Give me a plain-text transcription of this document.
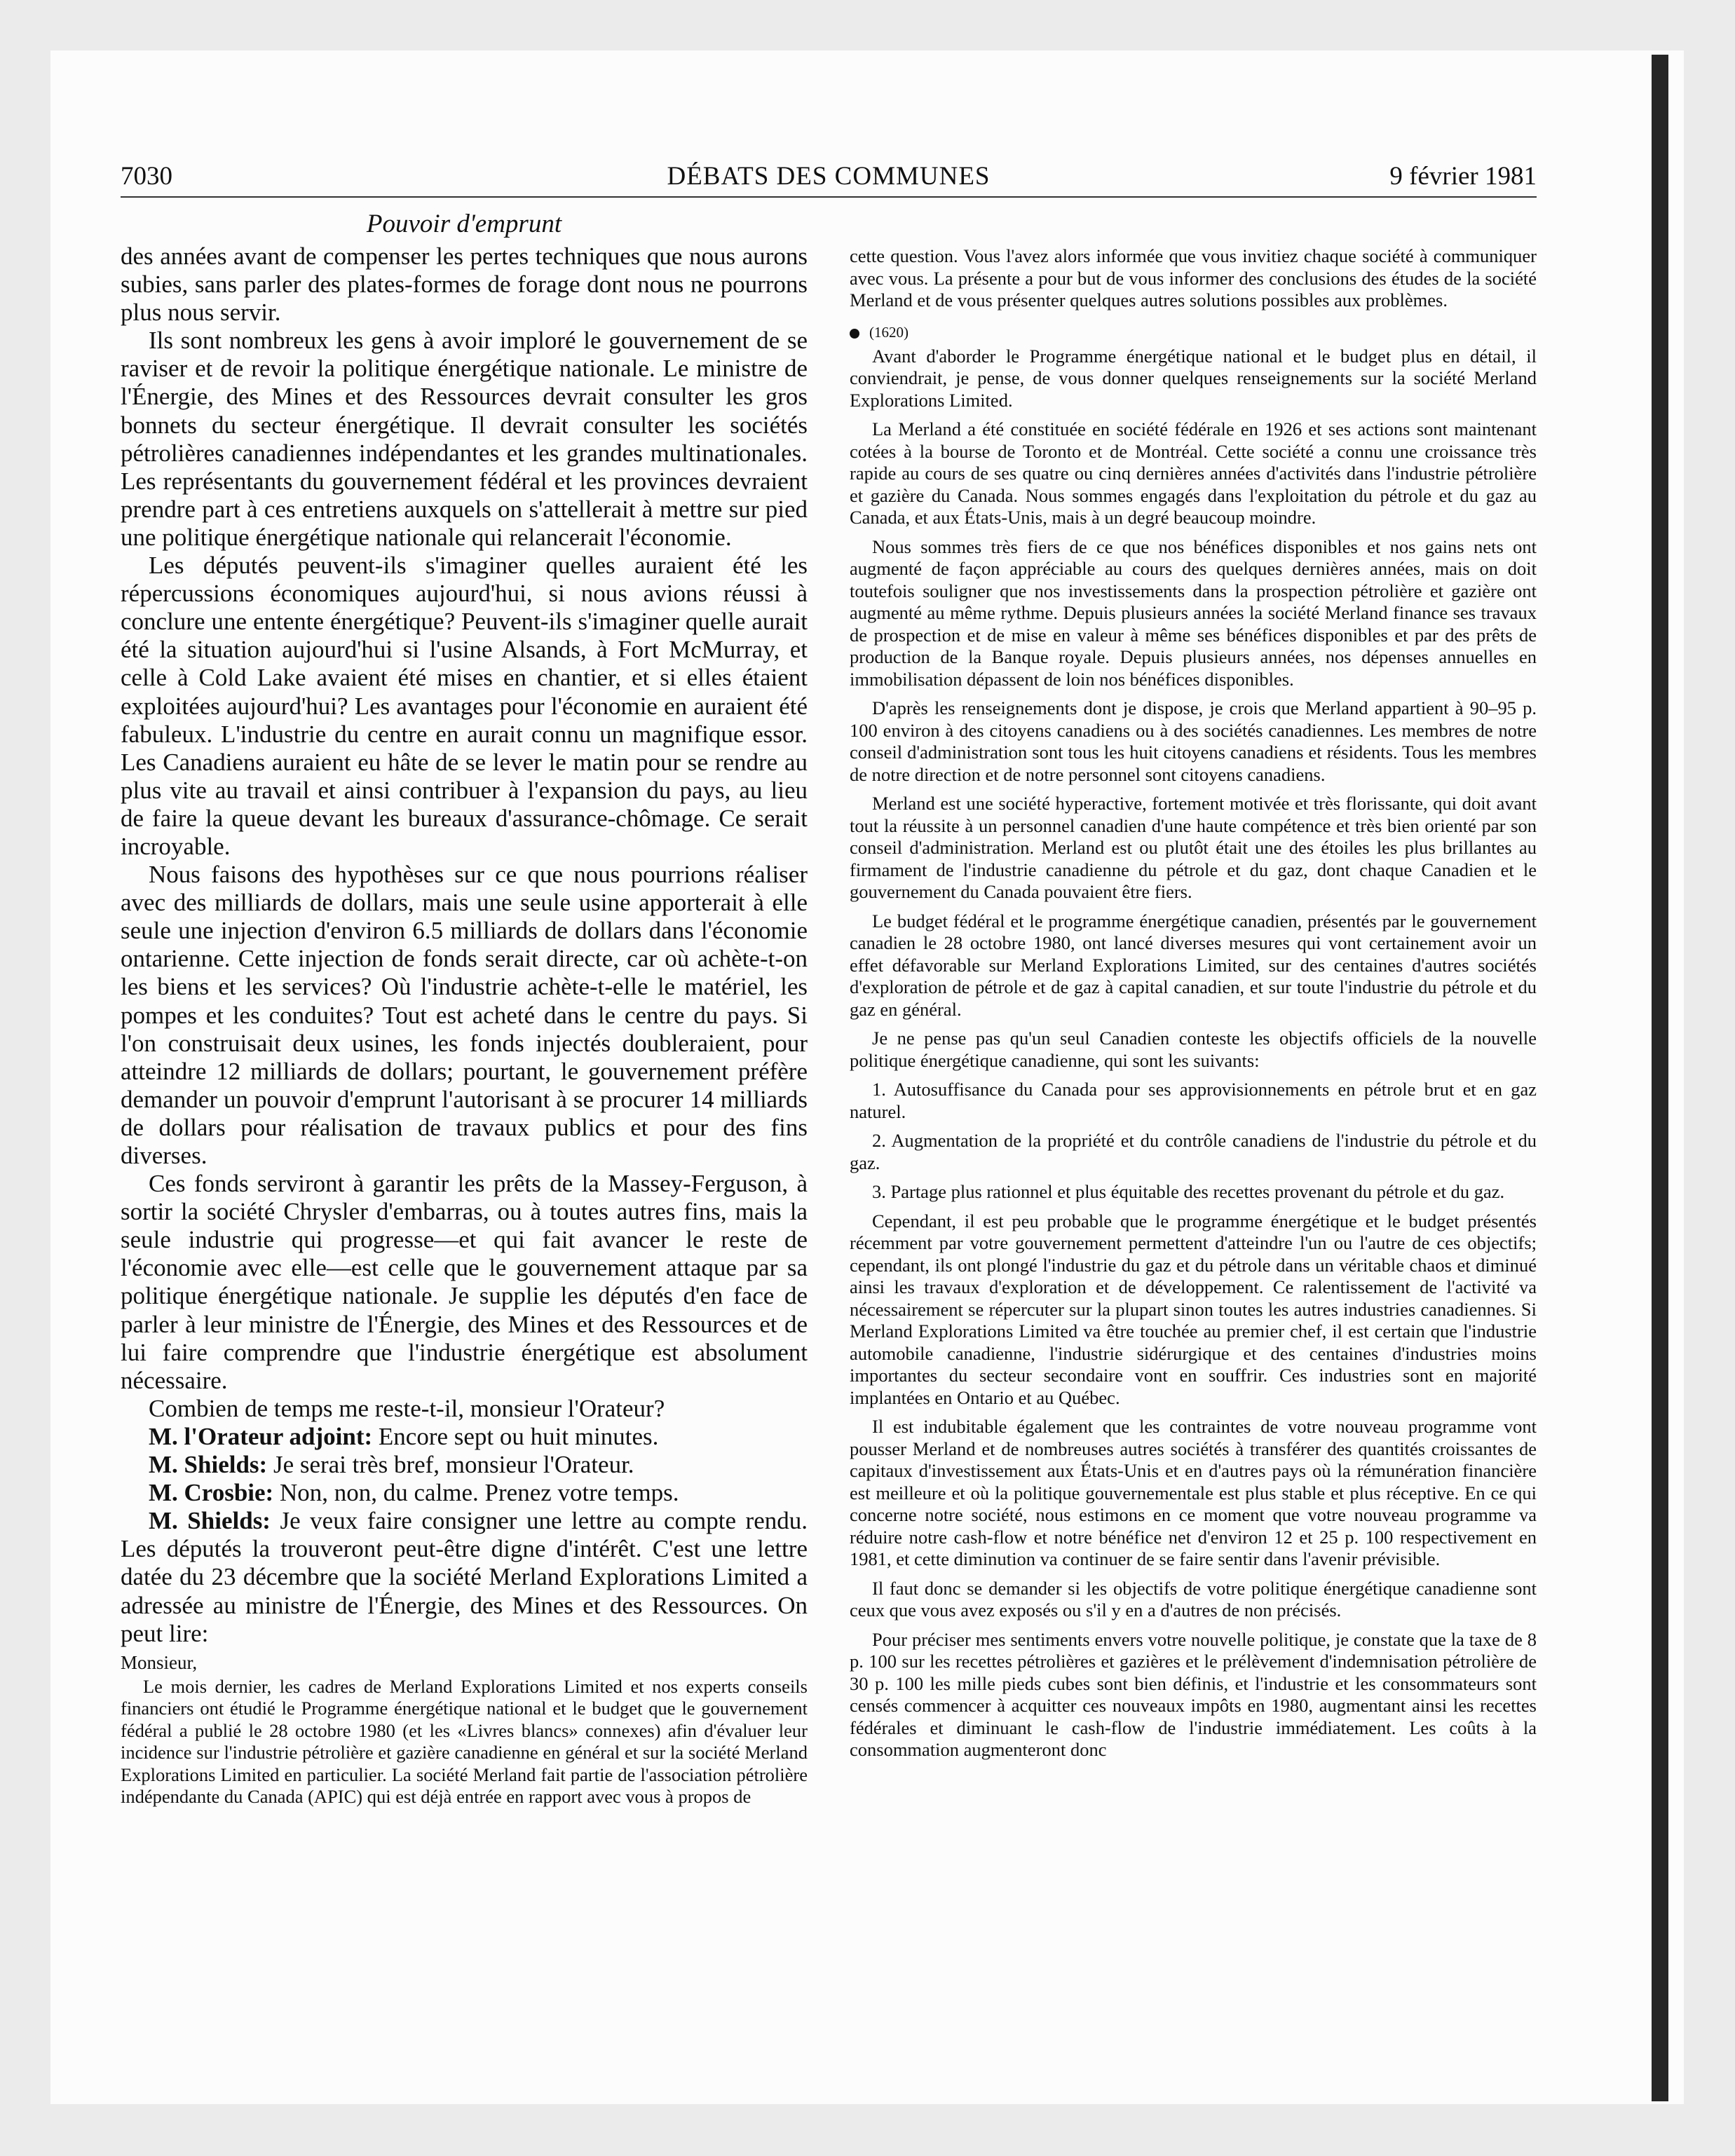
7030	DÉBATS DES COMMUNES	9 février 1981
Pouvoir d'emprunt

des années avant de compenser les pertes techniques que nous aurons subies, sans parler des plates-formes de forage dont nous ne pourrons plus nous servir.

Ils sont nombreux les gens à avoir imploré le gouvernement de se raviser et de revoir la politique énergétique nationale. Le ministre de l'Énergie, des Mines et des Ressources devrait consulter les gros bonnets du secteur énergétique. Il devrait consulter les sociétés pétrolières canadiennes indépendantes et les grandes multinationales. Les représentants du gouvernement fédéral et les provinces devraient prendre part à ces entretiens auxquels on s'attellerait à mettre sur pied une politique énergétique nationale qui relancerait l'économie.

Les députés peuvent-ils s'imaginer quelles auraient été les répercussions économiques aujourd'hui, si nous avions réussi à conclure une entente énergétique? Peuvent-ils s'imaginer quelle aurait été la situation aujourd'hui si l'usine Alsands, à Fort McMurray, et celle à Cold Lake avaient été mises en chantier, et si elles étaient exploitées aujourd'hui? Les avantages pour l'économie en auraient été fabuleux. L'industrie du centre en aurait connu un magnifique essor. Les Canadiens auraient eu hâte de se lever le matin pour se rendre au plus vite au travail et ainsi contribuer à l'expansion du pays, au lieu de faire la queue devant les bureaux d'assurance-chômage. Ce serait incroyable.

Nous faisons des hypothèses sur ce que nous pourrions réaliser avec des milliards de dollars, mais une seule usine apporterait à elle seule une injection d'environ 6.5 milliards de dollars dans l'économie ontarienne. Cette injection de fonds serait directe, car où achète-t-on les biens et les services? Où l'industrie achète-t-elle le matériel, les pompes et les conduites? Tout est acheté dans le centre du pays. Si l'on construisait deux usines, les fonds injectés doubleraient, pour atteindre 12 milliards de dollars; pourtant, le gouvernement préfère demander un pouvoir d'emprunt l'autorisant à se procurer 14 milliards de dollars pour réalisation de travaux publics et pour des fins diverses.

Ces fonds serviront à garantir les prêts de la Massey-Ferguson, à sortir la société Chrysler d'embarras, ou à toutes autres fins, mais la seule industrie qui progresse—et qui fait avancer le reste de l'économie avec elle—est celle que le gouvernement attaque par sa politique énergétique nationale. Je supplie les députés d'en face de parler à leur ministre de l'Énergie, des Mines et des Ressources et de lui faire comprendre que l'industrie énergétique est absolument nécessaire.

Combien de temps me reste-t-il, monsieur l'Orateur?

M. l'Orateur adjoint: Encore sept ou huit minutes.

M. Shields: Je serai très bref, monsieur l'Orateur.

M. Crosbie: Non, non, du calme. Prenez votre temps.

M. Shields: Je veux faire consigner une lettre au compte rendu. Les députés la trouveront peut-être digne d'intérêt. C'est une lettre datée du 23 décembre que la société Merland Explorations Limited a adressée au ministre de l'Énergie, des Mines et des Ressources. On peut lire:

Monsieur,

Le mois dernier, les cadres de Merland Explorations Limited et nos experts conseils financiers ont étudié le Programme énergétique national et le budget que le gouvernement fédéral a publié le 28 octobre 1980 (et les «Livres blancs» connexes) afin d'évaluer leur incidence sur l'industrie pétrolière et gazière canadienne en général et sur la société Merland Explorations Limited en particulier. La société Merland fait partie de l'association pétrolière indépendante du Canada (APIC) qui est déjà entrée en rapport avec vous à propos de

cette question. Vous l'avez alors informée que vous invitiez chaque société à communiquer avec vous. La présente a pour but de vous informer des conclusions des études de la société Merland et de vous présenter quelques autres solutions possibles aux problèmes.

(1620)

Avant d'aborder le Programme énergétique national et le budget plus en détail, il conviendrait, je pense, de vous donner quelques renseignements sur la société Merland Explorations Limited.

La Merland a été constituée en société fédérale en 1926 et ses actions sont maintenant cotées à la bourse de Toronto et de Montréal. Cette société a connu une croissance très rapide au cours de ses quatre ou cinq dernières années d'activités dans l'industrie pétrolière et gazière du Canada. Nous sommes engagés dans l'exploitation du pétrole et du gaz au Canada, et aux États-Unis, mais à un degré beaucoup moindre.

Nous sommes très fiers de ce que nos bénéfices disponibles et nos gains nets ont augmenté de façon appréciable au cours des quelques dernières années, mais on doit toutefois souligner que nos investissements dans la prospection pétrolière et gazière ont augmenté au même rythme. Depuis plusieurs années la société Merland finance ses travaux de prospection et de mise en valeur à même ses bénéfices disponibles et par des prêts de production de la Banque royale. Depuis plusieurs années, nos dépenses annuelles en immobilisation dépassent de loin nos bénéfices disponibles.

D'après les renseignements dont je dispose, je crois que Merland appartient à 90–95 p. 100 environ à des citoyens canadiens ou à des sociétés canadiennes. Les membres de notre conseil d'administration sont tous les huit citoyens canadiens et résidents. Tous les membres de notre direction et de notre personnel sont citoyens canadiens.

Merland est une société hyperactive, fortement motivée et très florissante, qui doit avant tout la réussite à un personnel canadien d'une haute compétence et très bien orienté par son conseil d'administration. Merland est ou plutôt était une des étoiles les plus brillantes au firmament de l'industrie canadienne du pétrole et du gaz, dont chaque Canadien et le gouvernement du Canada pouvaient être fiers.

Le budget fédéral et le programme énergétique canadien, présentés par le gouvernement canadien le 28 octobre 1980, ont lancé diverses mesures qui vont certainement avoir un effet défavorable sur Merland Explorations Limited, sur des centaines d'autres sociétés d'exploration de pétrole et de gaz à capital canadien, et sur toute l'industrie du pétrole et du gaz en général.

Je ne pense pas qu'un seul Canadien conteste les objectifs officiels de la nouvelle politique énergétique canadienne, qui sont les suivants:

1. Autosuffisance du Canada pour ses approvisionnements en pétrole brut et en gaz naturel.

2. Augmentation de la propriété et du contrôle canadiens de l'industrie du pétrole et du gaz.

3. Partage plus rationnel et plus équitable des recettes provenant du pétrole et du gaz.

Cependant, il est peu probable que le programme énergétique et le budget présentés récemment par votre gouvernement permettent d'atteindre l'un ou l'autre de ces objectifs; cependant, ils ont plongé l'industrie du gaz et du pétrole dans un véritable chaos et diminué ainsi les travaux d'exploration et de développement. Ce ralentissement de l'activité va nécessairement se répercuter sur la plupart sinon toutes les autres industries canadiennes. Si Merland Explorations Limited va être touchée au premier chef, il est certain que l'industrie automobile canadienne, l'industrie sidérurgique et des centaines d'industries moins importantes du secteur secondaire vont en souffrir. Ces industries sont en majorité implantées en Ontario et au Québec.

Il est indubitable également que les contraintes de votre nouveau programme vont pousser Merland et de nombreuses autres sociétés à transférer des quantités croissantes de capitaux d'investissement aux États-Unis et en d'autres pays où la rémunération financière est meilleure et où la politique gouvernementale est plus stable et plus réceptive. En ce qui concerne notre société, nous estimons en ce moment que votre nouveau programme va réduire notre cash-flow et notre bénéfice net d'environ 12 et 25 p. 100 respectivement en 1981, et cette diminution va continuer de se faire sentir dans l'avenir prévisible.

Il faut donc se demander si les objectifs de votre politique énergétique canadienne sont ceux que vous avez exposés ou s'il y en a d'autres de non précisés.

Pour préciser mes sentiments envers votre nouvelle politique, je constate que la taxe de 8 p. 100 sur les recettes pétrolières et gazières et le prélèvement d'indemnisation pétrolière de 30 p. 100 les mille pieds cubes sont bien définis, et l'industrie et les consommateurs sont censés commencer à acquitter ces nouveaux impôts en 1980, augmentant ainsi les recettes fédérales et diminuant le cash-flow de l'industrie immédiatement. Les coûts à la consommation augmenteront donc
